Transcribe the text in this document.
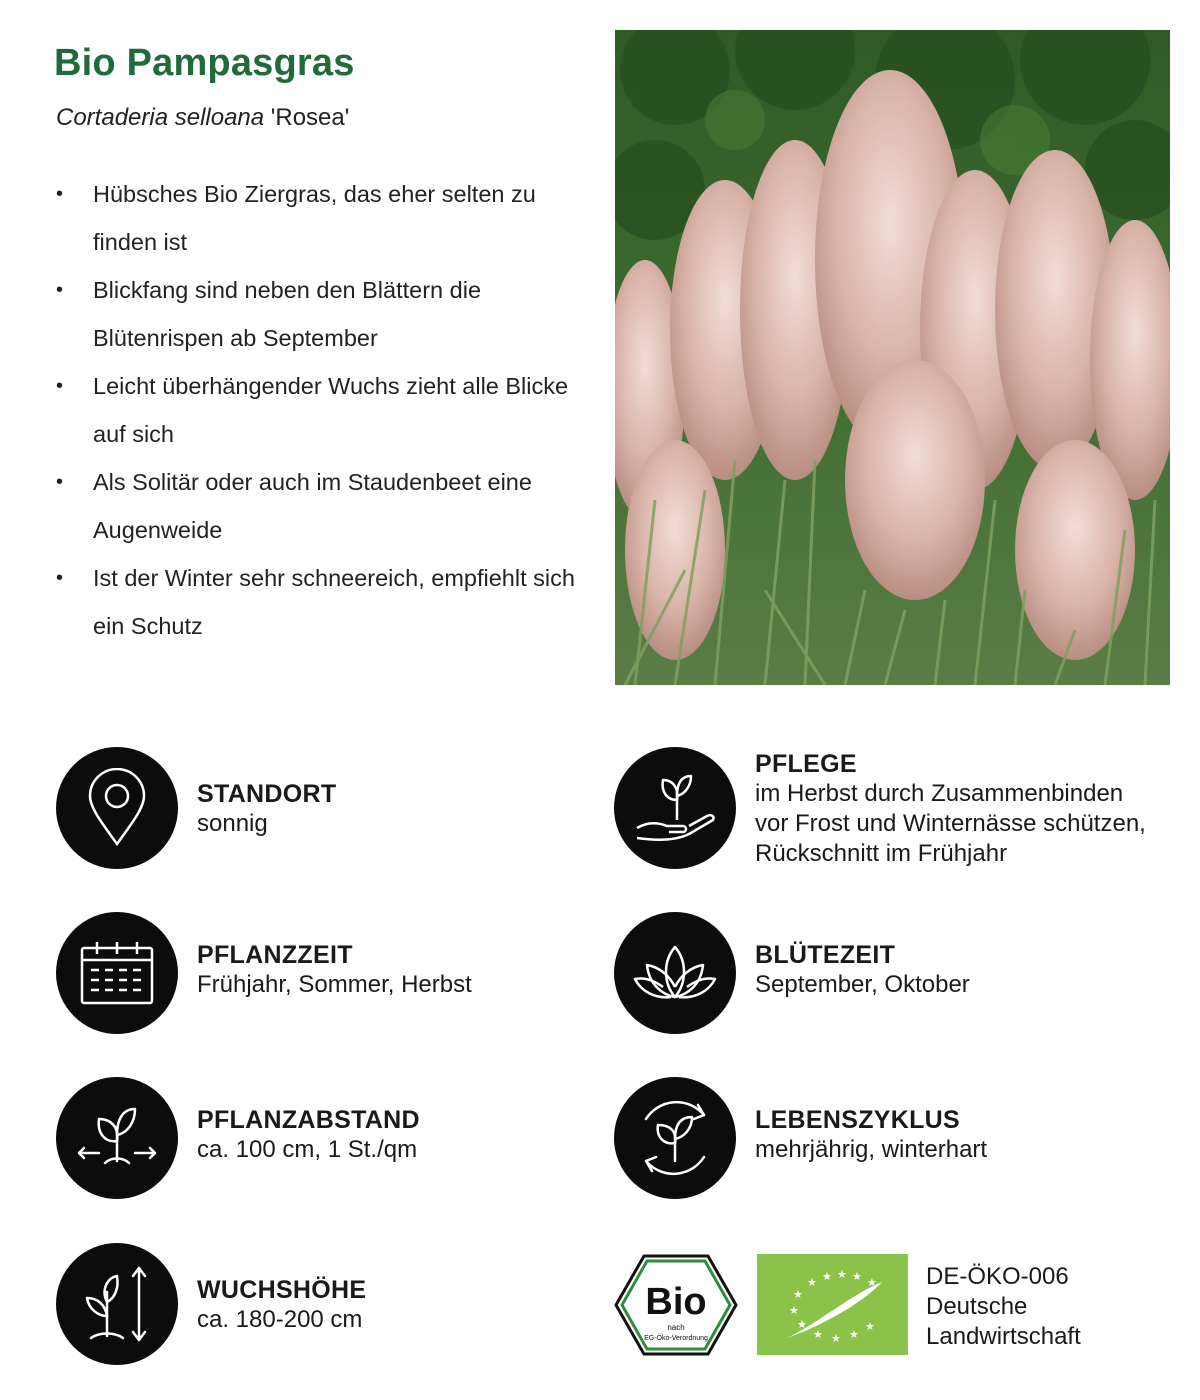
Bio Pampasgras
Cortaderia selloana 'Rosea'
• Hübsches Bio Ziergras, das eher selten zu finden ist
• Blickfang sind neben den Blättern die Blütenrispen ab September
• Leicht überhängender Wuchs zieht alle Blicke auf sich
• Als Solitär oder auch im Staudenbeet eine Augenweide
• Ist der Winter sehr schneereich, empfiehlt sich ein Schutz
STANDORT
sonnig
PFLEGE
im Herbst durch Zusammenbinden
vor Frost und Winternässe schützen,
Rückschnitt im Frühjahr
PFLANZZEIT
Frühjahr, Sommer, Herbst
BLÜTEZEIT
September, Oktober
PFLANZABSTAND
ca. 100 cm, 1 St./qm
LEBENSZYKLUS
mehrjährig, winterhart
WUCHSHÖHE
ca. 180-200 cm	Bio
nach
EG-Öko-Verordnung
★ ★ ★ ★ ★
★
★
★
★ ★ ★
★
DE-ÖKO-006
Deutsche
Landwirtschaft
